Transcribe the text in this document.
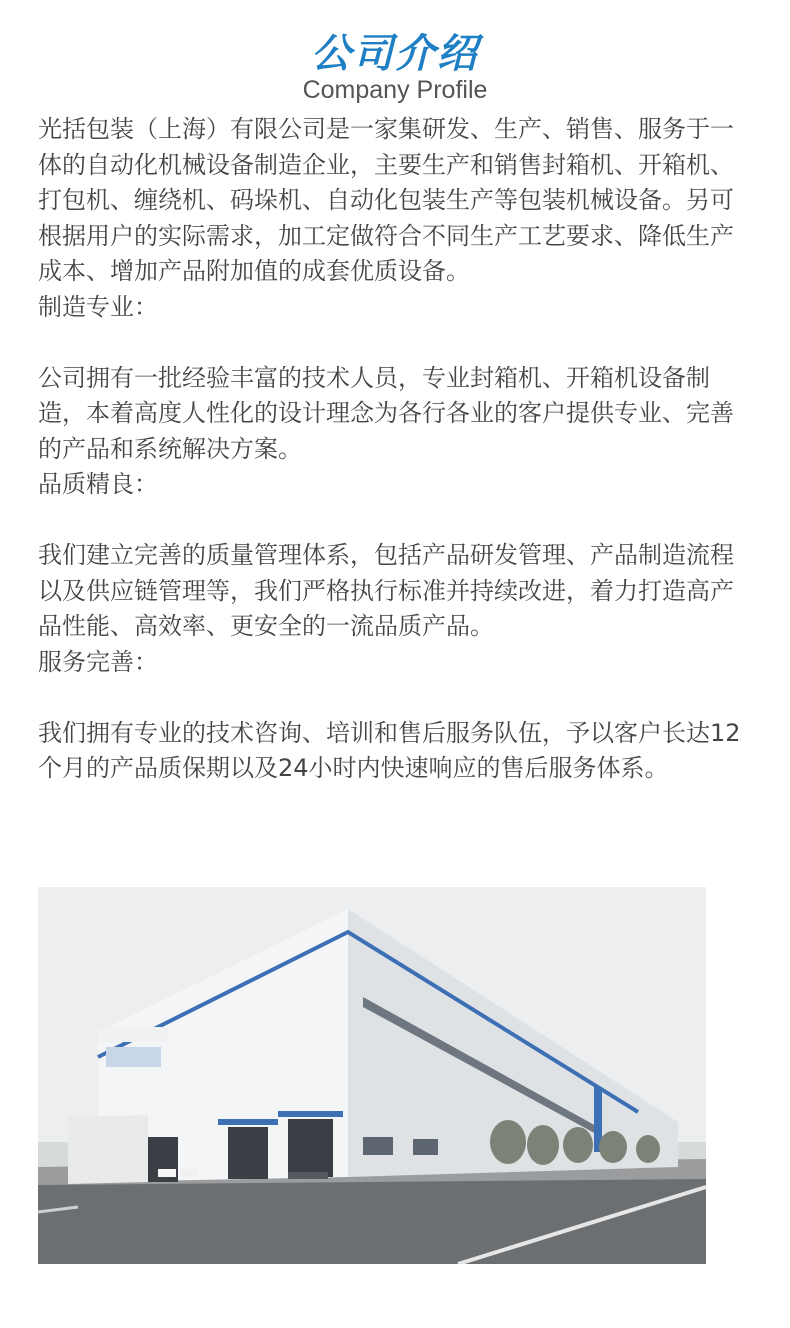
公司介绍
Company Profile

光括包装（上海）有限公司是一家集研发、生产、销售、服务于一体的自动化机械设备制造企业，主要生产和销售封箱机、开箱机、打包机、缠绕机、码垛机、自动化包装生产等包装机械设备。另可根据用户的实际需求，加工定做符合不同生产工艺要求、降低生产成本、增加产品附加值的成套优质设备。

制造专业：

公司拥有一批经验丰富的技术人员，专业封箱机、开箱机设备制造，本着高度人性化的设计理念为各行各业的客户提供专业、完善的产品和系统解决方案。

品质精良：

我们建立完善的质量管理体系，包括产品研发管理、产品制造流程以及供应链管理等，我们严格执行标准并持续改进，着力打造高产品性能、高效率、更安全的一流品质产品。

服务完善：

我们拥有专业的技术咨询、培训和售后服务队伍，予以客户长达12个月的产品质保期以及24小时内快速响应的售后服务体系。
